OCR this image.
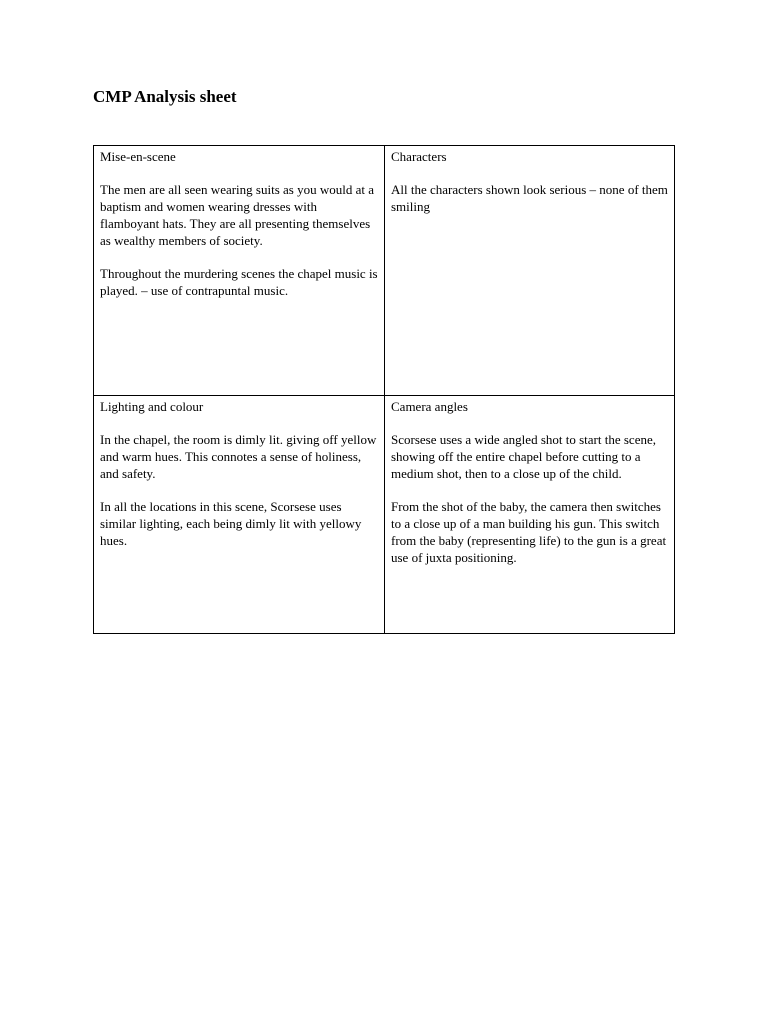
CMP Analysis sheet

Mise-en-scene

The men are all seen wearing suits as you would at a baptism and women wearing dresses with flamboyant hats. They are all presenting themselves as wealthy members of society.

Throughout the murdering scenes the chapel music is played. – use of contrapuntal music.

Characters

All the characters shown look serious – none of them smiling

Lighting and colour

In the chapel, the room is dimly lit. giving off yellow and warm hues. This connotes a sense of holiness, and safety.

In all the locations in this scene, Scorsese uses similar lighting, each being dimly lit with yellowy hues.

Camera angles

Scorsese uses a wide angled shot to start the scene, showing off the entire chapel before cutting to a medium shot, then to a close up of the child.

From the shot of the baby, the camera then switches to a close up of a man building his gun. This switch from the baby (representing life) to the gun is a great use of juxta positioning.
